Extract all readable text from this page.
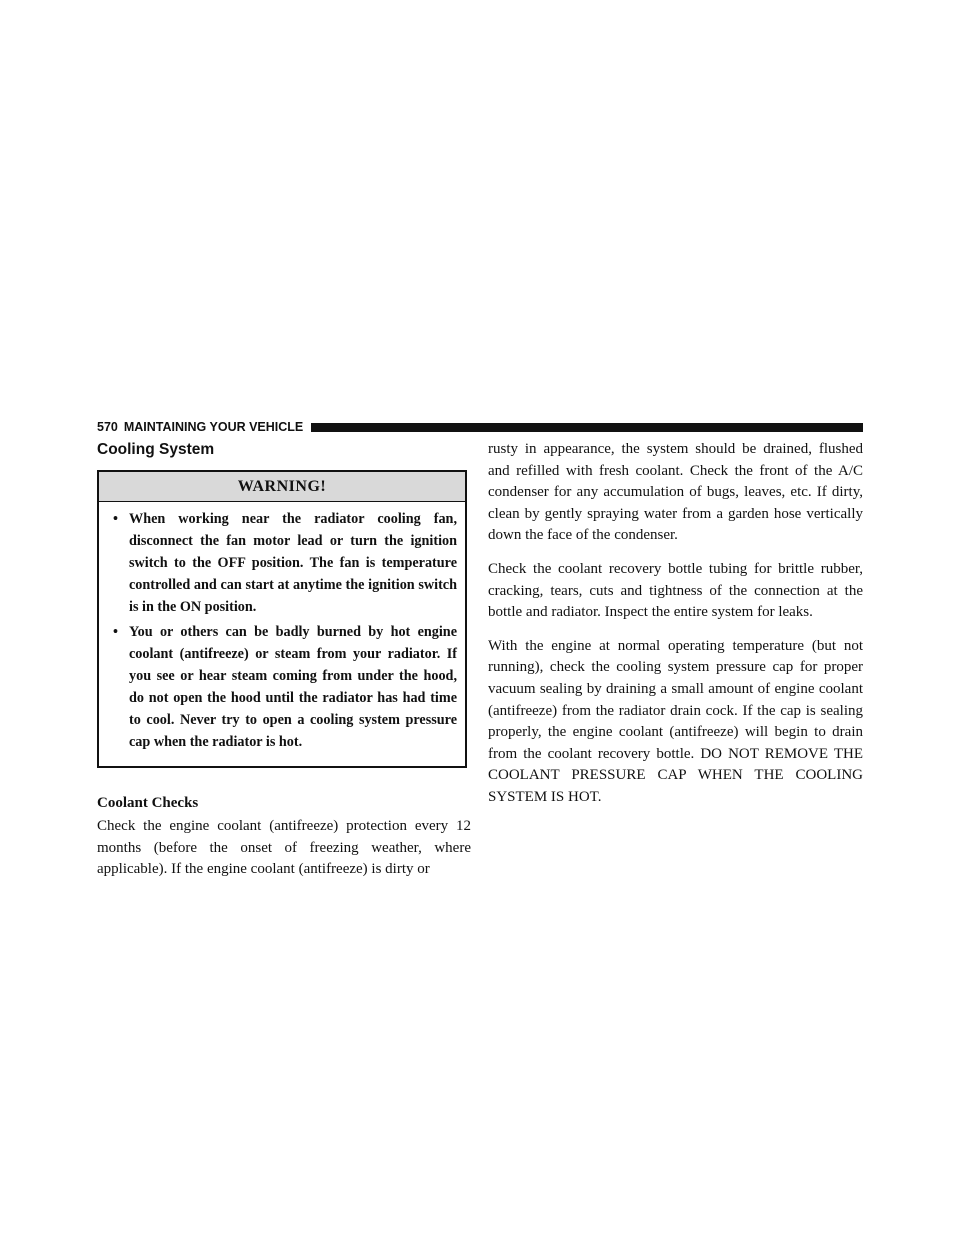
570 MAINTAINING YOUR VEHICLE
Cooling System
WARNING!
• When working near the radiator cooling fan, disconnect the fan motor lead or turn the ignition switch to the OFF position. The fan is temperature controlled and can start at anytime the ignition switch is in the ON position.
• You or others can be badly burned by hot engine coolant (antifreeze) or steam from your radiator. If you see or hear steam coming from under the hood, do not open the hood until the radiator has had time to cool. Never try to open a cooling system pressure cap when the radiator is hot.
Coolant Checks

Check the engine coolant (antifreeze) protection every 12 months (before the onset of freezing weather, where applicable). If the engine coolant (antifreeze) is dirty or

rusty in appearance, the system should be drained, flushed and refilled with fresh coolant. Check the front of the A/C condenser for any accumulation of bugs, leaves, etc. If dirty, clean by gently spraying water from a garden hose vertically down the face of the condenser.

Check the coolant recovery bottle tubing for brittle rubber, cracking, tears, cuts and tightness of the connection at the bottle and radiator. Inspect the entire system for leaks.

With the engine at normal operating temperature (but not running), check the cooling system pressure cap for proper vacuum sealing by draining a small amount of engine coolant (antifreeze) from the radiator drain cock. If the cap is sealing properly, the engine coolant (antifreeze) will begin to drain from the coolant recovery bottle. DO NOT REMOVE THE COOLANT PRESSURE CAP WHEN THE COOLING SYSTEM IS HOT.
